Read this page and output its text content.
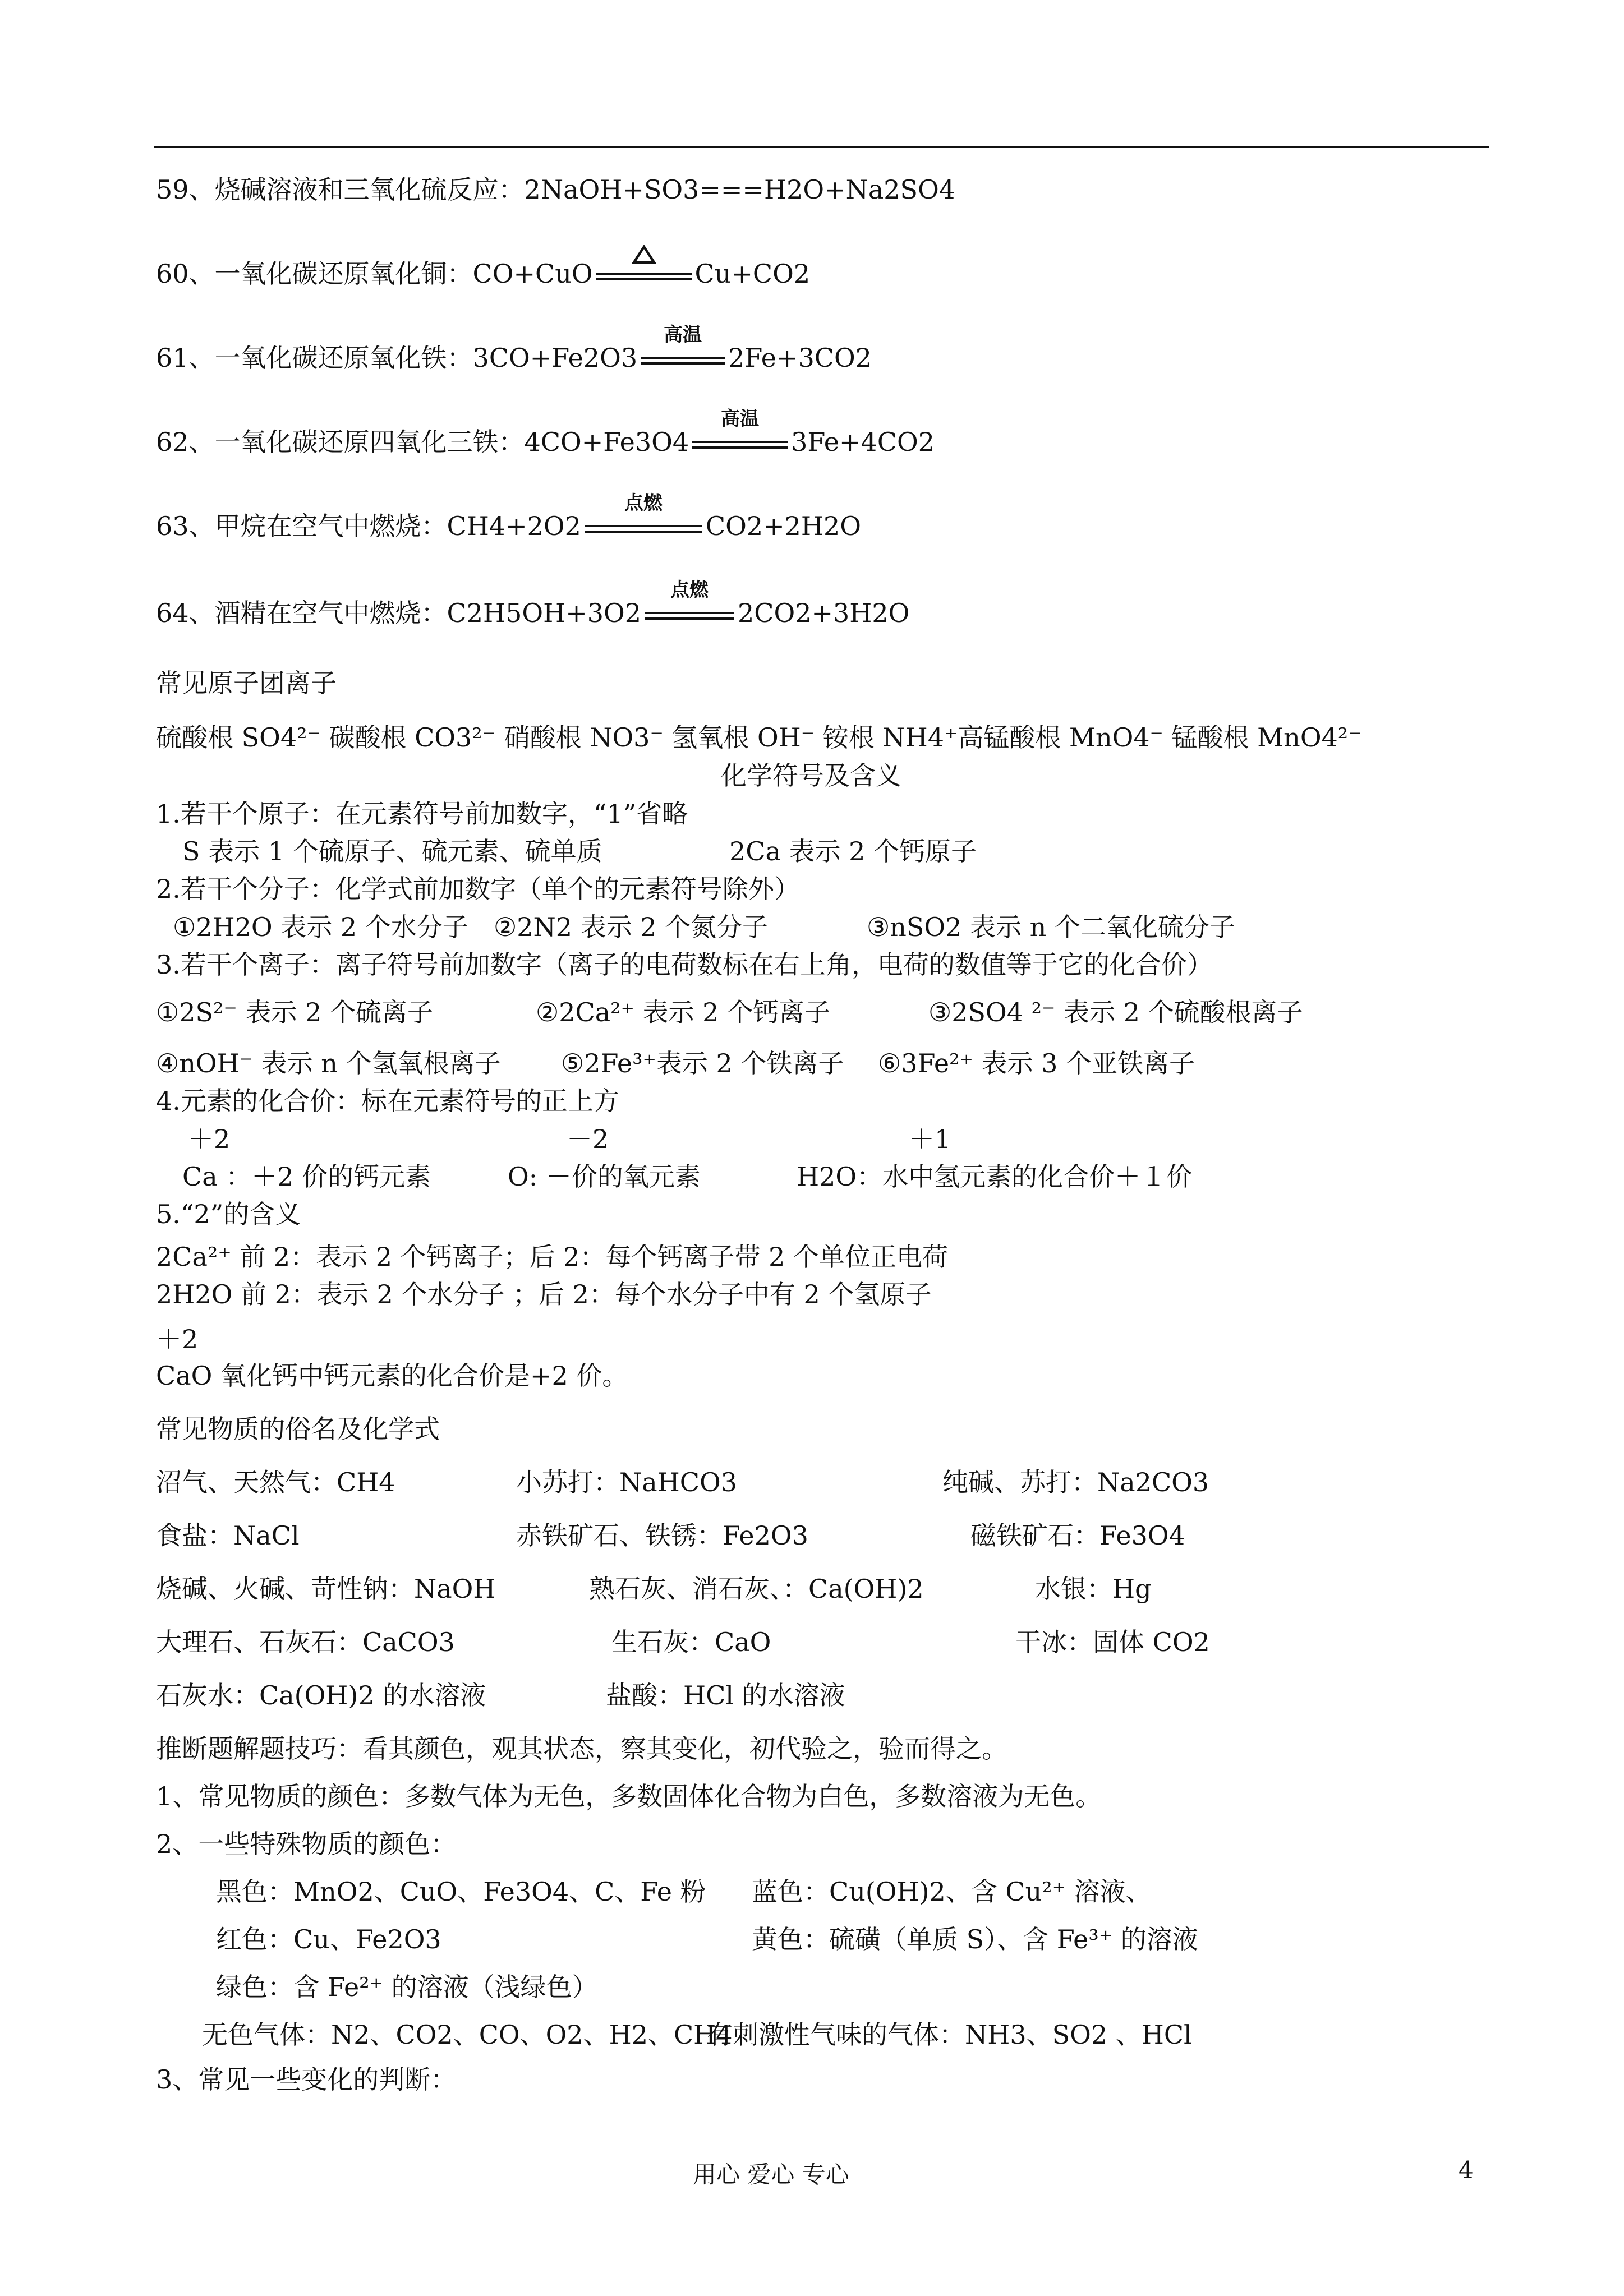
59、烧碱溶液和三氧化硫反应：2NaOH+SO3===H2O+Na2SO4
60、一氧化碳还原氧化铜：CO+CuO	Cu+CO2
61、一氧化碳还原氧化铁：3CO+Fe2O3
高温
2Fe+3CO2
62、一氧化碳还原四氧化三铁：4CO+Fe3O4
高温
3Fe+4CO2
63、甲烷在空气中燃烧：CH4+2O2
点燃
CO2+2H2O
64、酒精在空气中燃烧：C2H5OH+3O2
点燃
2CO2+3H2O
常见原子团离子
硫酸根 SO4²⁻ 碳酸根 CO3²⁻ 硝酸根 NO3⁻ 氢氧根 OH⁻ 铵根 NH4⁺高锰酸根 MnO4⁻ 锰酸根 MnO4²⁻
化学符号及含义
1.若干个原子：在元素符号前加数字，“1”省略
S 表示 1 个硫原子、硫元素、硫单质	2Ca 表示 2 个钙原子
2.若干个分子：化学式前加数字（单个的元素符号除外）
①2H2O 表示 2 个水分子 ②2N2 表示 2 个氮分子	③nSO2 表示 n 个二氧化硫分子
3.若干个离子：离子符号前加数字（离子的电荷数标在右上角，电荷的数值等于它的化合价）
①2S²⁻ 表示 2 个硫离子	②2Ca²⁺ 表示 2 个钙离子	③2SO4 ²⁻ 表示 2 个硫酸根离子
④nOH⁻ 表示 n 个氢氧根离子 ⑤2Fe³⁺表示 2 个铁离子 ⑥3Fe²⁺ 表示 3 个亚铁离子
4.元素的化合价：标在元素符号的正上方
＋2	－2	＋1
Ca ：＋2 价的钙元素	O: －价的氧元素	H2O：水中氢元素的化合价＋１价
5.“2”的含义
2Ca²⁺ 前 2：表示 2 个钙离子；后 2：每个钙离子带 2 个单位正电荷
2H2O 前 2：表示 2 个水分子 ；后 2：每个水分子中有 2 个氢原子
＋2
CaO 氧化钙中钙元素的化合价是+2 价。
常见物质的俗名及化学式
沼气、天然气：CH4	小苏打：NaHCO3	纯碱、苏打：Na2CO3
食盐：NaCl	赤铁矿石、铁锈：Fe2O3	磁铁矿石：Fe3O4
烧碱、火碱、苛性钠：NaOH	熟石灰、消石灰、：Ca(OH)2	水银：Hg
大理石、石灰石：CaCO3	生石灰：CaO	干冰：固体 CO2
石灰水：Ca(OH)2 的水溶液	盐酸：HCl 的水溶液
推断题解题技巧：看其颜色，观其状态，察其变化，初代验之，验而得之。
1、常见物质的颜色：多数气体为无色，多数固体化合物为白色，多数溶液为无色。
2、一些特殊物质的颜色：
黑色：MnO2、CuO、Fe3O4、C、Fe 粉 蓝色：Cu(OH)2、含 Cu²⁺ 溶液、
红色：Cu、Fe2O3	黄色：硫磺（单质 S）、含 Fe³⁺ 的溶液
绿色：含 Fe²⁺ 的溶液（浅绿色）
无色气体：N2、CO2、CO、O2、H2、CH4
有刺激性气味的气体：NH3、SO2 、HCl
3、常见一些变化的判断：
用心 爱心 专心	4
